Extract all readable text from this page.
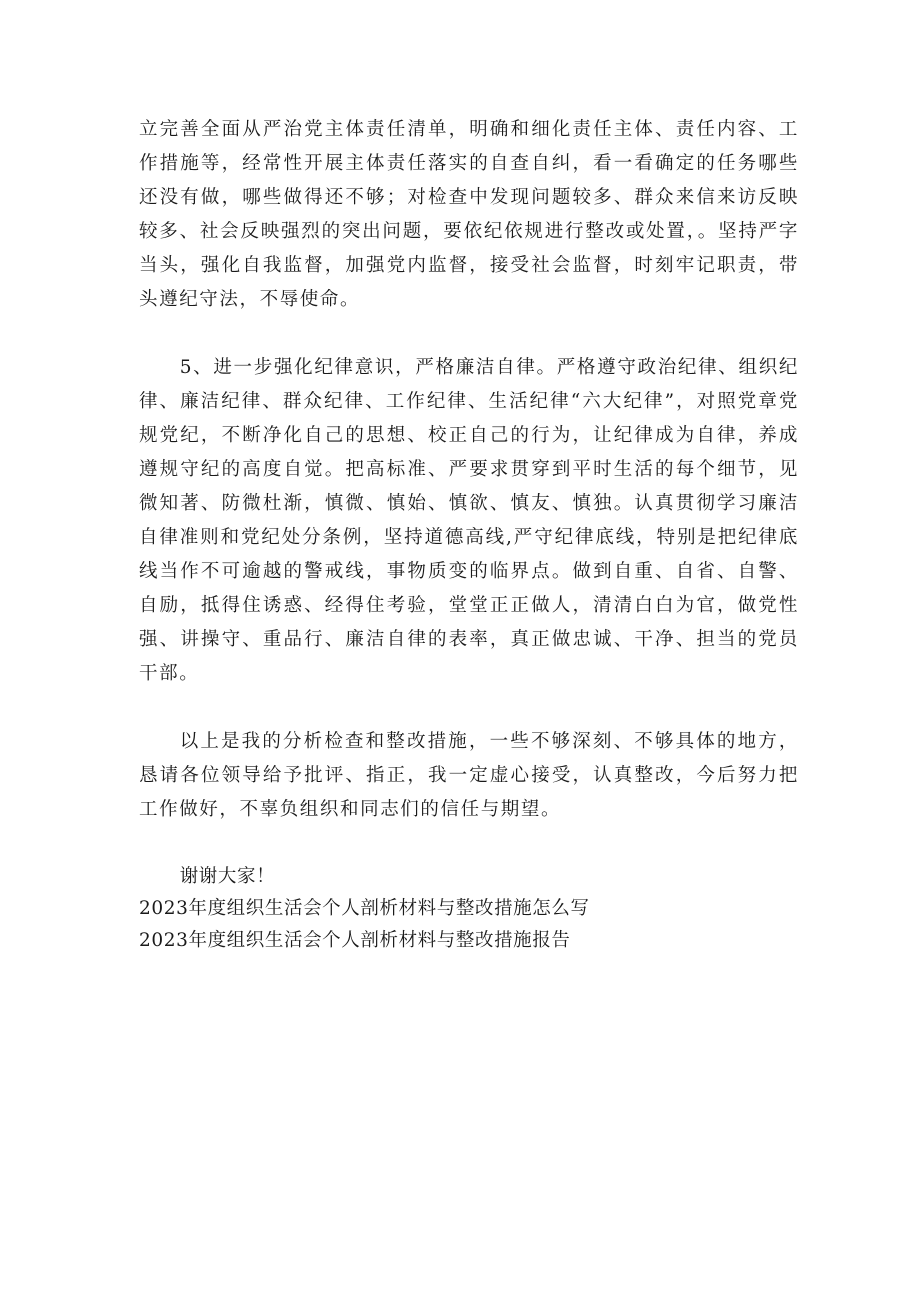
立完善全面从严治党主体责任清单，明确和细化责任主体、责任内容、工作措施等，经常性开展主体责任落实的自查自纠，看一看确定的任务哪些还没有做，哪些做得还不够；对检查中发现问题较多、群众来信来访反映较多、社会反映强烈的突出问题，要依纪依规进行整改或处置，。坚持严字当头，强化自我监督，加强党内监督，接受社会监督，时刻牢记职责，带头遵纪守法，不辱使命。

5、进一步强化纪律意识，严格廉洁自律。严格遵守政治纪律、组织纪律、廉洁纪律、群众纪律、工作纪律、生活纪律“六大纪律”，对照党章党规党纪，不断净化自己的思想、校正自己的行为，让纪律成为自律，养成遵规守纪的高度自觉。把高标准、严要求贯穿到平时生活的每个细节，见微知著、防微杜渐，慎微、慎始、慎欲、慎友、慎独。认真贯彻学习廉洁自律准则和党纪处分条例，坚持道德高线,严守纪律底线，特别是把纪律底线当作不可逾越的警戒线，事物质变的临界点。做到自重、自省、自警、自励，抵得住诱惑、经得住考验，堂堂正正做人，清清白白为官，做党性强、讲操守、重品行、廉洁自律的表率，真正做忠诚、干净、担当的党员干部。

以上是我的分析检查和整改措施，一些不够深刻、不够具体的地方，恳请各位领导给予批评、指正，我一定虚心接受，认真整改，今后努力把工作做好，不辜负组织和同志们的信任与期望。

谢谢大家！

2023年度组织生活会个人剖析材料与整改措施怎么写

2023年度组织生活会个人剖析材料与整改措施报告
